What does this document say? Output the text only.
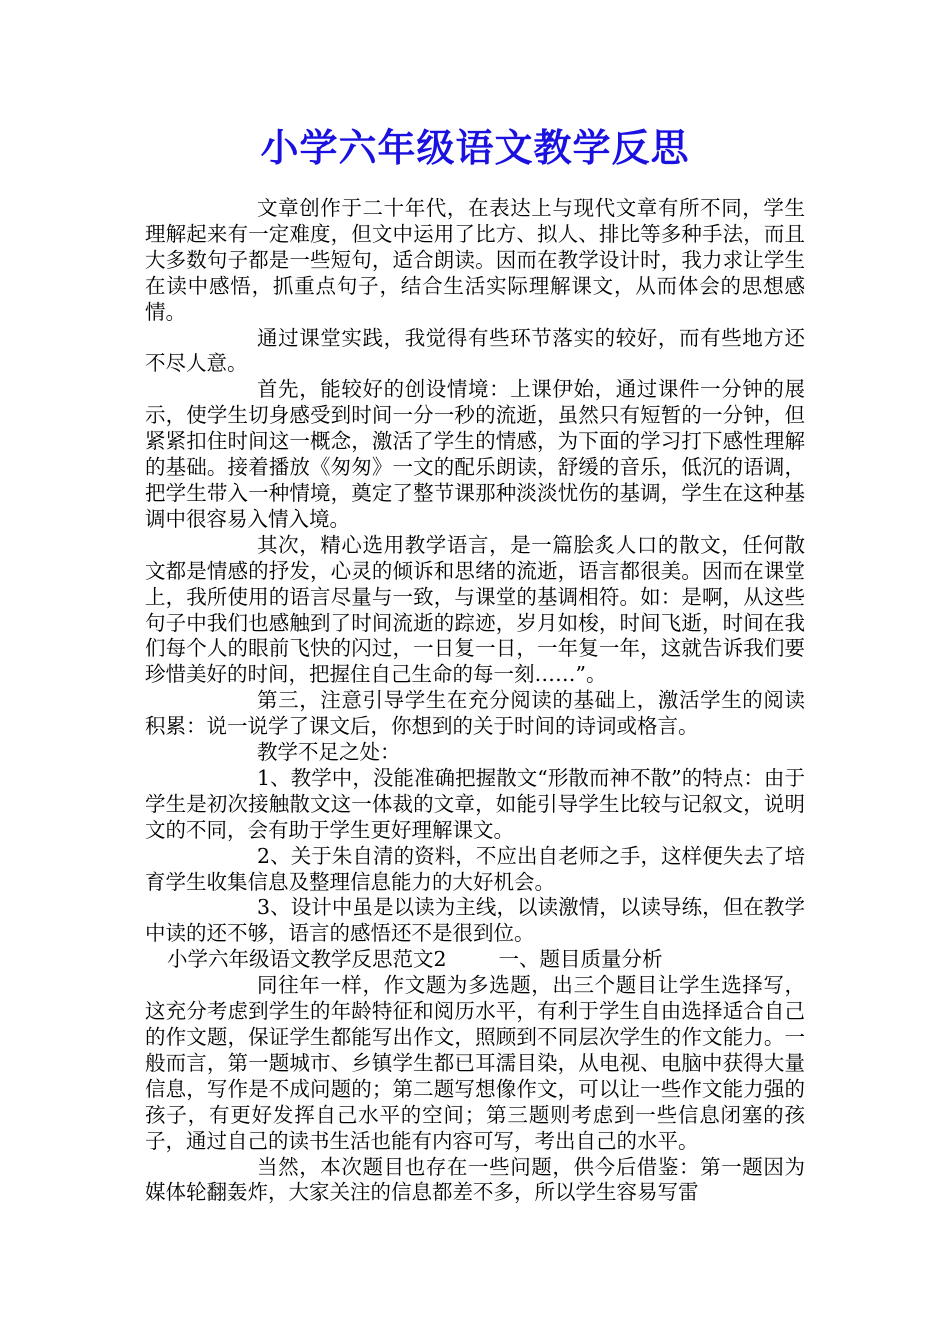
小学六年级语文教学反思

文章创作于二十年代，在表达上与现代文章有所不同，学生理解起来有一定难度，但文中运用了比方、拟人、排比等多种手法，而且大多数句子都是一些短句，适合朗读。因而在教学设计时，我力求让学生在读中感悟，抓重点句子，结合生活实际理解课文，从而体会的思想感情。

通过课堂实践，我觉得有些环节落实的较好，而有些地方还不尽人意。

首先，能较好的创设情境：上课伊始，通过课件一分钟的展示，使学生切身感受到时间一分一秒的流逝，虽然只有短暂的一分钟，但紧紧扣住时间这一概念，激活了学生的情感，为下面的学习打下感性理解的基础。接着播放《匆匆》一文的配乐朗读，舒缓的音乐，低沉的语调，把学生带入一种情境，奠定了整节课那种淡淡忧伤的基调，学生在这种基调中很容易入情入境。

其次，精心选用教学语言，是一篇脍炙人口的散文，任何散文都是情感的抒发，心灵的倾诉和思绪的流逝，语言都很美。因而在课堂上，我所使用的语言尽量与一致，与课堂的基调相符。如：是啊，从这些句子中我们也感触到了时间流逝的踪迹，岁月如梭，时间飞逝，时间在我们每个人的眼前飞快的闪过，一日复一日，一年复一年，这就告诉我们要珍惜美好的时间，把握住自己生命的每一刻……”。

第三，注意引导学生在充分阅读的基础上，激活学生的阅读积累：说一说学了课文后，你想到的关于时间的诗词或格言。

教学不足之处：

1、教学中，没能准确把握散文“形散而神不散”的特点：由于学生是初次接触散文这一体裁的文章，如能引导学生比较与记叙文，说明文的不同，会有助于学生更好理解课文。

2、关于朱自清的资料，不应出自老师之手，这样便失去了培育学生收集信息及整理信息能力的大好机会。

3、设计中虽是以读为主线，以读激情，以读导练，但在教学中读的还不够，语言的感悟还不是很到位。

小学六年级语文教学反思范文2	一、题目质量分析

同往年一样，作文题为多选题，出三个题目让学生选择写，这充分考虑到学生的年龄特征和阅历水平，有利于学生自由选择适合自己的作文题，保证学生都能写出作文，照顾到不同层次学生的作文能力。一般而言，第一题城市、乡镇学生都已耳濡目染，从电视、电脑中获得大量信息，写作是不成问题的；第二题写想像作文，可以让一些作文能力强的孩子，有更好发挥自己水平的空间；第三题则考虑到一些信息闭塞的孩子，通过自己的读书生活也能有内容可写，考出自己的水平。

当然，本次题目也存在一些问题，供今后借鉴：第一题因为媒体轮翻轰炸，大家关注的信息都差不多，所以学生容易写雷
